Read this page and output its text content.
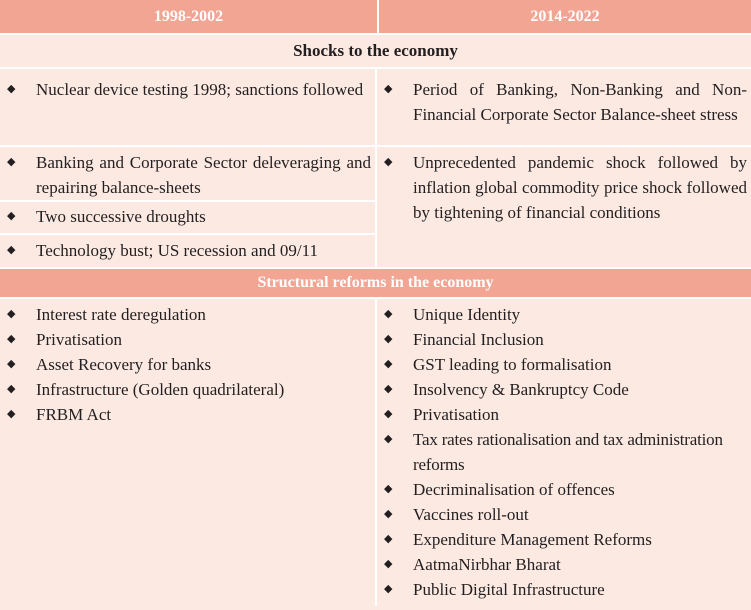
1998-2002	2014-2022
Shocks to the economy
◆ Nuclear device testing 1998; sanctions followed
◆ Banking and Corporate Sector deleveraging and repairing balance-sheets
◆ Two successive droughts
◆ Technology bust; US recession and 09/11
◆ Period of Banking, Non-Banking and Non-Financial Corporate Sector Balance-sheet stress
◆ Unprecedented pandemic shock followed by inflation global commodity price shock followed by tightening of financial conditions
Structural reforms in the economy
◆ Interest rate deregulation
◆ Privatisation
◆ Asset Recovery for banks
◆ Infrastructure (Golden quadrilateral)
◆ FRBM Act
◆ Unique Identity
◆ Financial Inclusion
◆ GST leading to formalisation
◆ Insolvency & Bankruptcy Code
◆ Privatisation
◆ Tax rates rationalisation and tax administration reforms
◆ Decriminalisation of offences
◆ Vaccines roll-out
◆ Expenditure Management Reforms
◆ AatmaNirbhar Bharat
◆ Public Digital Infrastructure
